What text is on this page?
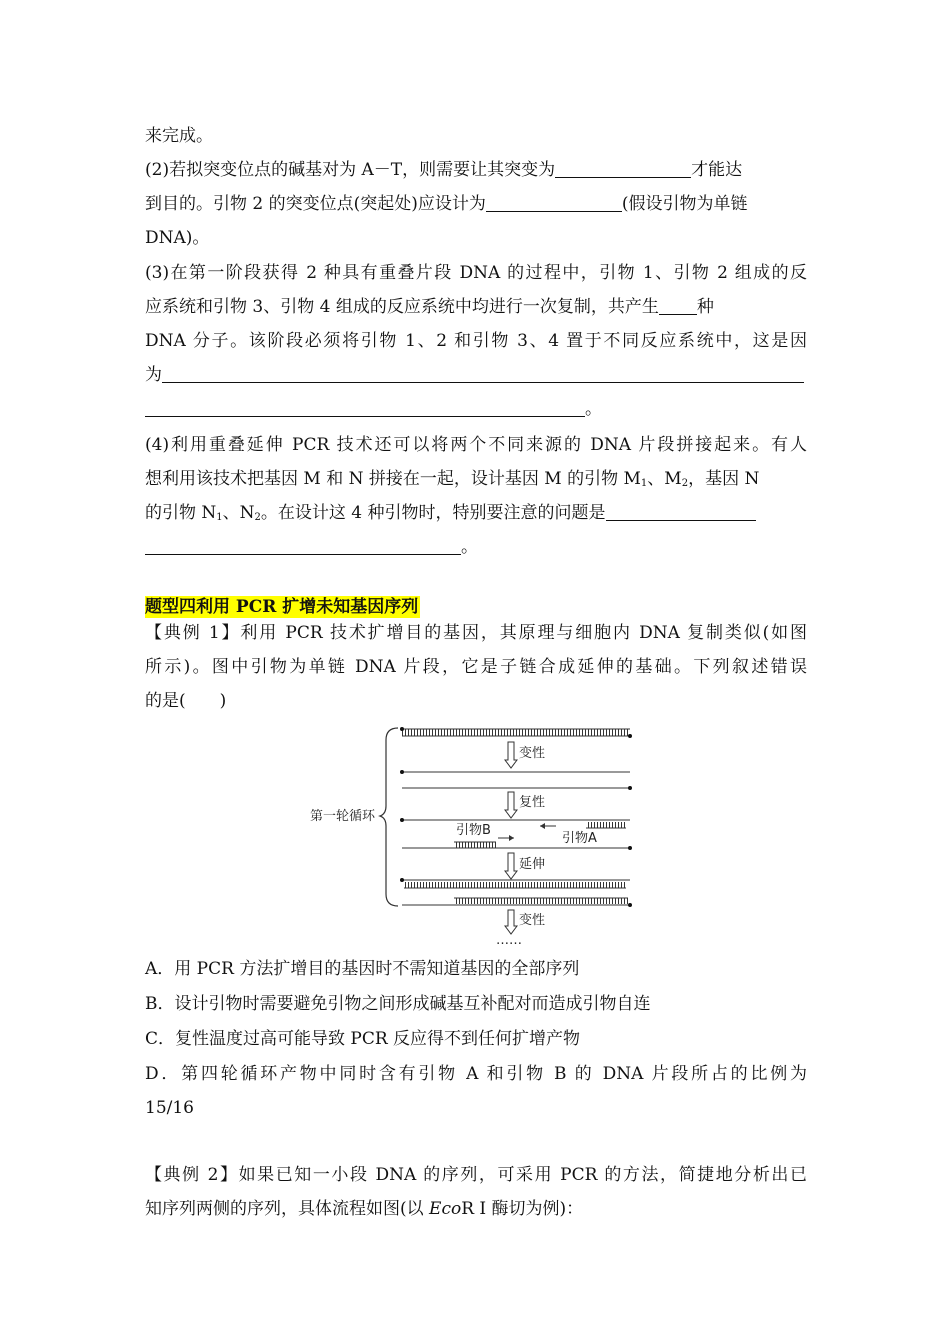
来完成。
(2)若拟突变位点的碱基对为 A－T，则需要让其突变为	才能达
到目的。引物 2 的突变位点(突起处)应设计为	(假设引物为单链
DNA)。
(3)在第一阶段获得 2 种具有重叠片段 DNA 的过程中，引物 1、引物 2 组成的反
应系统和引物 3、引物 4 组成的反应系统中均进行一次复制，共产生 种
DNA 分子。该阶段必须将引物 1、2 和引物 3、4 置于不同反应系统中，这是因
为
。
(4)利用重叠延伸 PCR 技术还可以将两个不同来源的 DNA 片段拼接起来。有人
想利用该技术把基因 M 和 N 拼接在一起，设计基因 M 的引物 $M_1$、$M_2$，基因 N
的引物 $N_1$、$N_2$。在设计这 4 种引物时，特别要注意的问题是
。
题型四利用 PCR 扩增未知基因序列
【典例 1】利用 PCR 技术扩增目的基因，其原理与细胞内 DNA 复制类似(如图
所示)。图中引物为单链 DNA 片段，它是子链合成延伸的基础。下列叙述错误
的是(　　)
第一轮循环
变性
复性
引物A
引物B
延伸
变性
……
A．用 PCR 方法扩增目的基因时不需知道基因的全部序列
B．设计引物时需要避免引物之间形成碱基互补配对而造成引物自连
C．复性温度过高可能导致 PCR 反应得不到任何扩增产物
D．第四轮循环产物中同时含有引物 A 和引物 B 的 DNA 片段所占的比例为
15/16
【典例 2】如果已知一小段 DNA 的序列，可采用 PCR 的方法，简捷地分析出已
知序列两侧的序列，具体流程如图(以 EcoR Ⅰ 酶切为例)：
